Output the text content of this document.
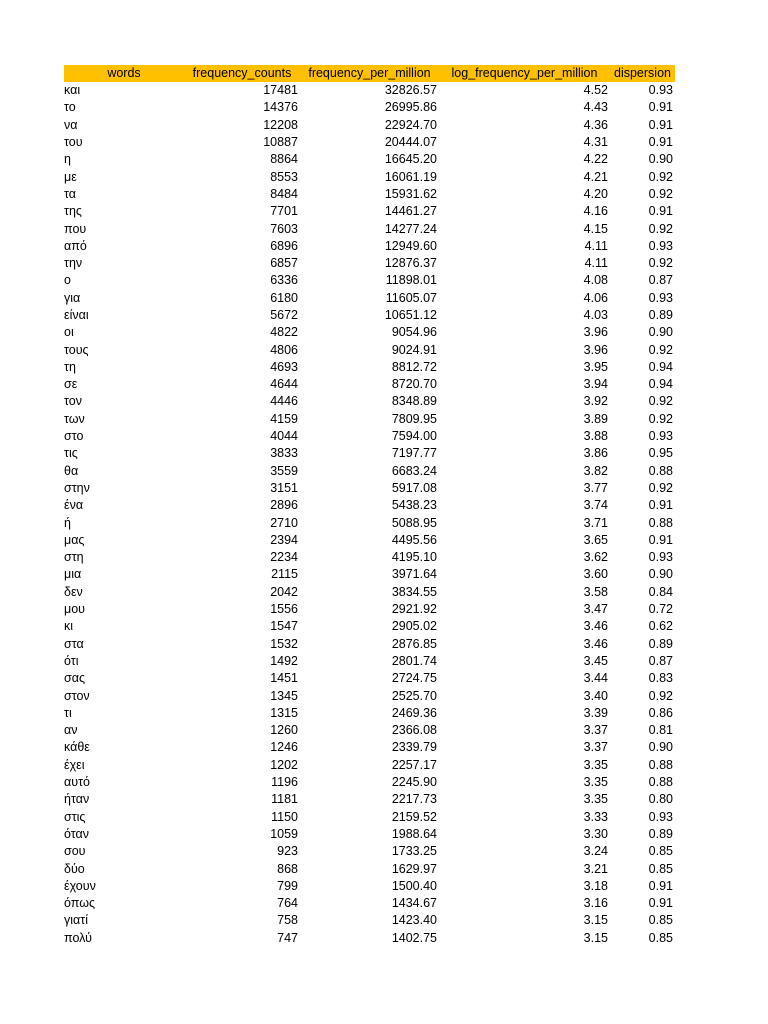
words	frequency_counts	frequency_per_million	log_frequency_per_million	dispersion
και	17481	32826.57	4.52	0.93
το	14376	26995.86	4.43	0.91
να	12208	22924.70	4.36	0.91
του	10887	20444.07	4.31	0.91
η	8864	16645.20	4.22	0.90
με	8553	16061.19	4.21	0.92
τα	8484	15931.62	4.20	0.92
της	7701	14461.27	4.16	0.91
που	7603	14277.24	4.15	0.92
από	6896	12949.60	4.11	0.93
την	6857	12876.37	4.11	0.92
ο	6336	11898.01	4.08	0.87
για	6180	11605.07	4.06	0.93
είναι	5672	10651.12	4.03	0.89
οι	4822	9054.96	3.96	0.90
τους	4806	9024.91	3.96	0.92
τη	4693	8812.72	3.95	0.94
σε	4644	8720.70	3.94	0.94
τον	4446	8348.89	3.92	0.92
των	4159	7809.95	3.89	0.92
στο	4044	7594.00	3.88	0.93
τις	3833	7197.77	3.86	0.95
θα	3559	6683.24	3.82	0.88
στην	3151	5917.08	3.77	0.92
ένα	2896	5438.23	3.74	0.91
ή	2710	5088.95	3.71	0.88
μας	2394	4495.56	3.65	0.91
στη	2234	4195.10	3.62	0.93
μια	2115	3971.64	3.60	0.90
δεν	2042	3834.55	3.58	0.84
μου	1556	2921.92	3.47	0.72
κι	1547	2905.02	3.46	0.62
στα	1532	2876.85	3.46	0.89
ότι	1492	2801.74	3.45	0.87
σας	1451	2724.75	3.44	0.83
στον	1345	2525.70	3.40	0.92
τι	1315	2469.36	3.39	0.86
αν	1260	2366.08	3.37	0.81
κάθε	1246	2339.79	3.37	0.90
έχει	1202	2257.17	3.35	0.88
αυτό	1196	2245.90	3.35	0.88
ήταν	1181	2217.73	3.35	0.80
στις	1150	2159.52	3.33	0.93
όταν	1059	1988.64	3.30	0.89
σου	923	1733.25	3.24	0.85
δύο	868	1629.97	3.21	0.85
έχουν	799	1500.40	3.18	0.91
όπως	764	1434.67	3.16	0.91
γιατί	758	1423.40	3.15	0.85
πολύ	747	1402.75	3.15	0.85
